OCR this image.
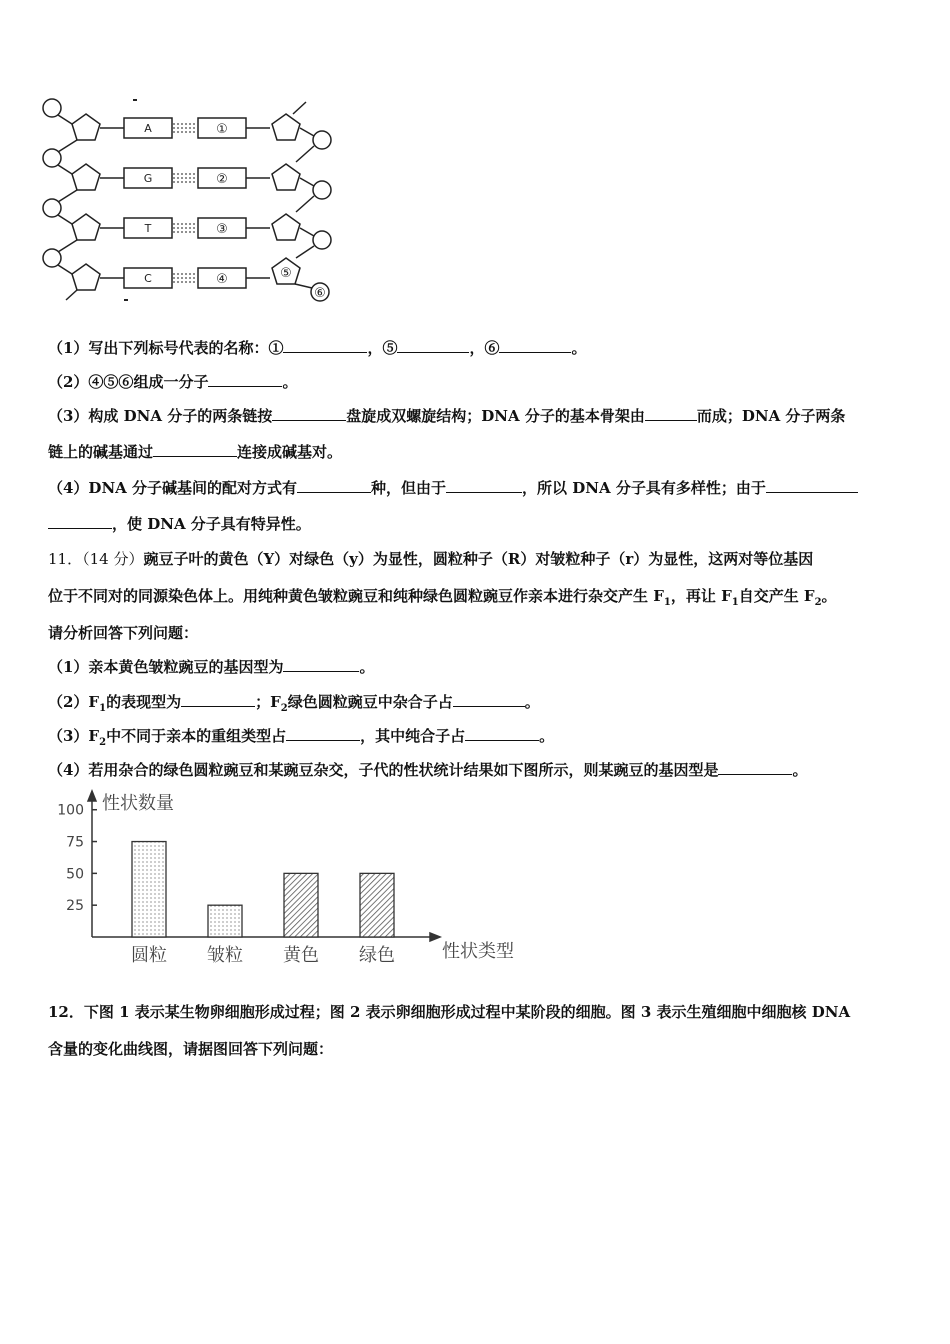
A
G
T
C
①
②
③
④	⑤
⑥
（1）写出下列标号代表的名称：①	，⑤	，⑥	。
（2）④⑤⑥组成一分子	。
（3）构成 DNA 分子的两条链按	盘旋成双螺旋结构；DNA 分子的基本骨架由	而成；DNA 分子两条
链上的碱基通过	连接成碱基对。
（4）DNA 分子碱基间的配对方式有	种，但由于	，所以 DNA 分子具有多样性；由于
，使 DNA 分子具有特异性。
11．（14 分）豌豆子叶的黄色（Y）对绿色（y）为显性，圆粒种子（R）对皱粒种子（r）为显性，这两对等位基因
位于不同对的同源染色体上。用纯种黄色皱粒豌豆和纯种绿色圆粒豌豆作亲本进行杂交产生 $F_1$，再让 $F_1$自交产生 $F_2$。
请分析回答下列问题：
（1）亲本黄色皱粒豌豆的基因型为	。
$(2)F_1$的表现型为	；$F_2$绿色圆粒豌豆中杂合子占	。
$(3)F_2$中不同于亲本的重组类型占	，其中纯合子占	。
（4）若用杂合的绿色圆粒豌豆和某豌豆杂交，子代的性状统计结果如下图所示，则某豌豆的基因型是	。
性状数量
性状类型
25
50
75
100
圆粒 皱粒 黄色 绿色
12．下图 1 表示某生物卵细胞形成过程；图 2 表示卵细胞形成过程中某阶段的细胞。图 3 表示生殖细胞中细胞核 DNA
含量的变化曲线图，请据图回答下列问题：
